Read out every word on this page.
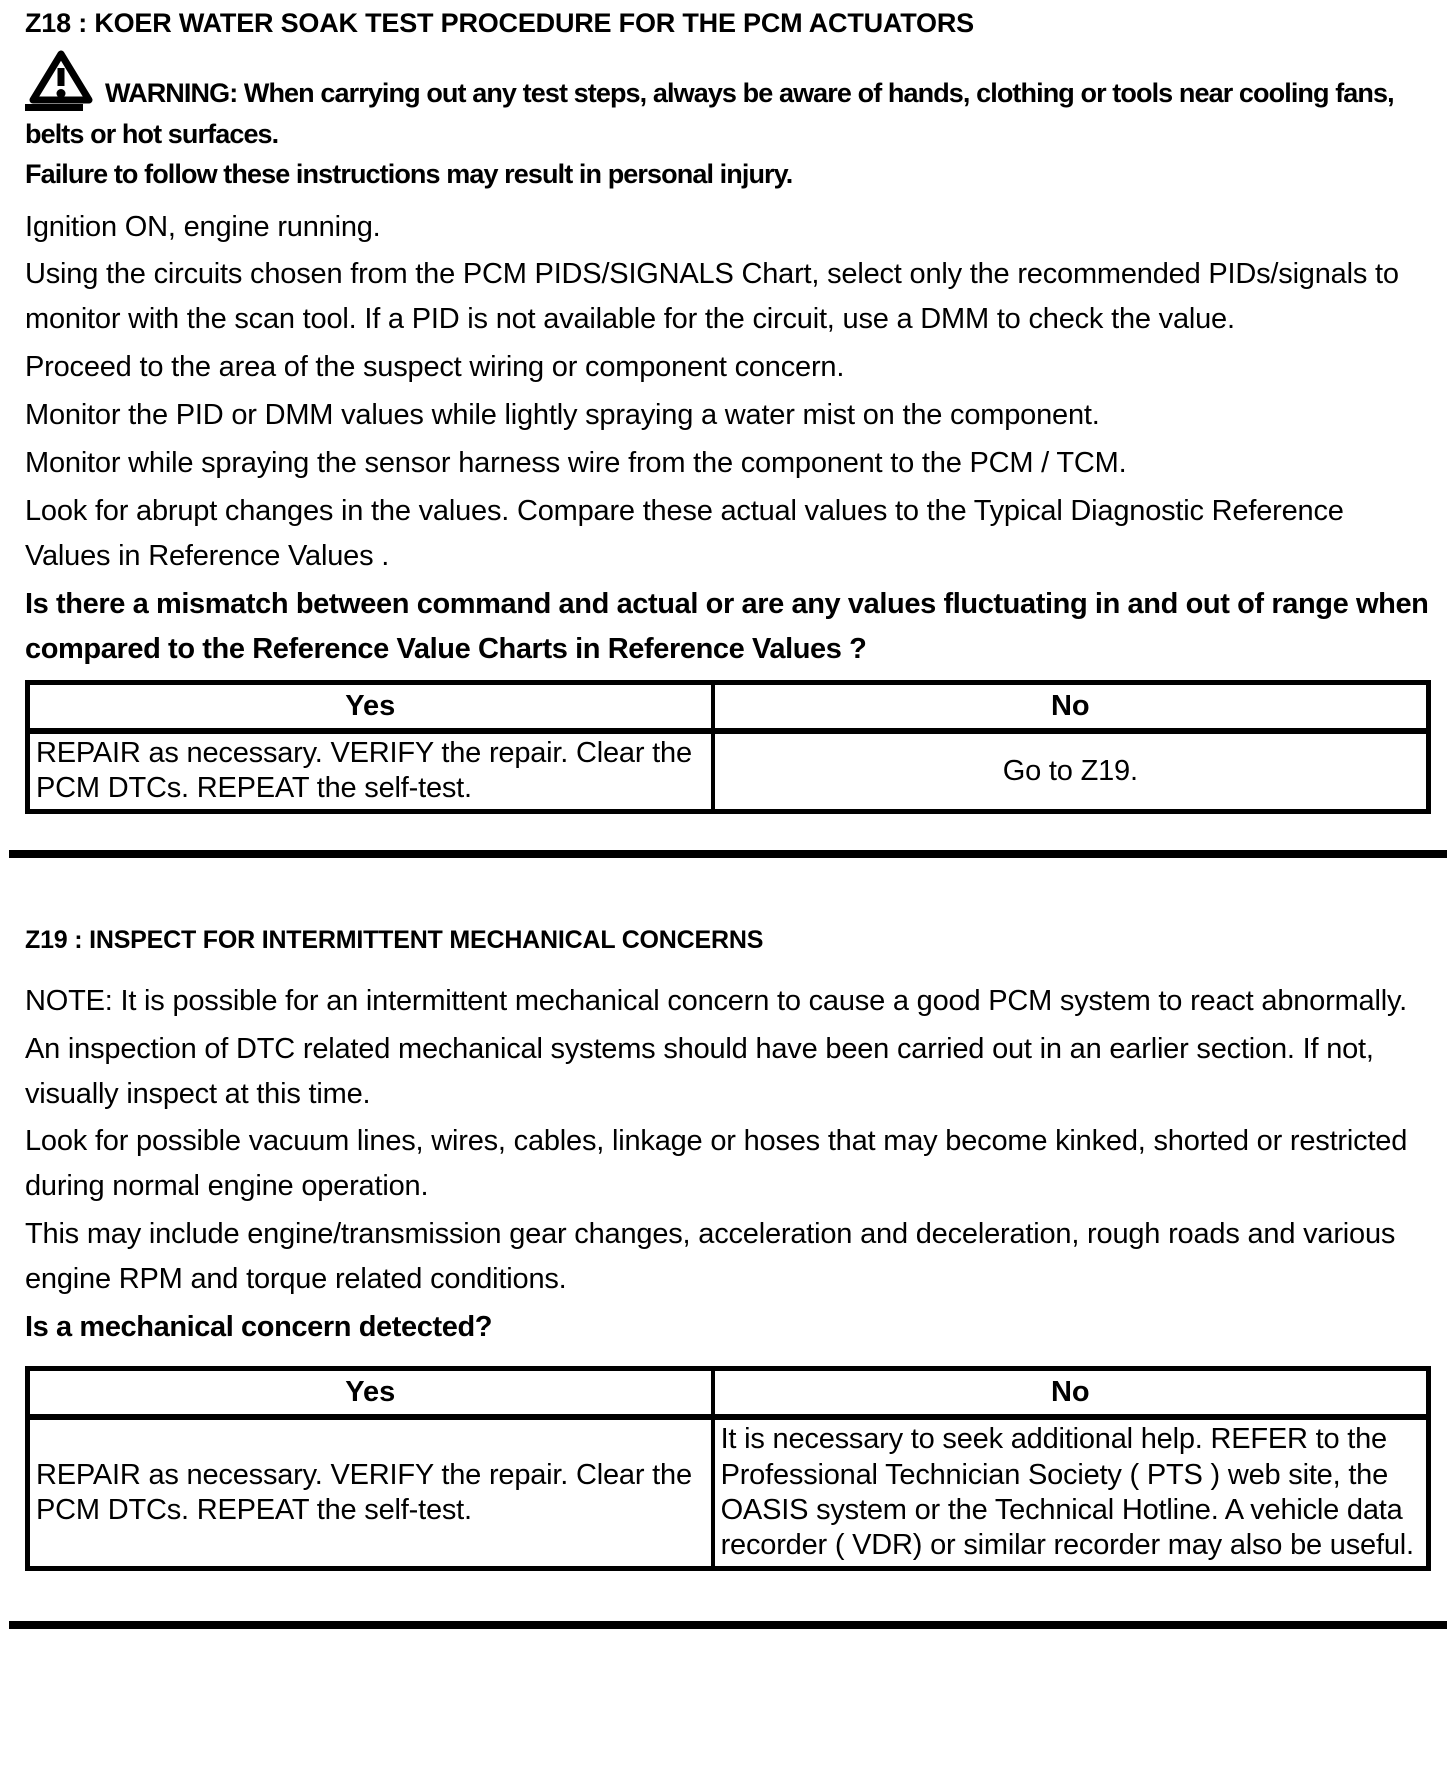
Z18 : KOER WATER SOAK TEST PROCEDURE FOR THE PCM ACTUATORS

WARNING: When carrying out any test steps, always be aware of hands, clothing or tools near cooling fans, belts or hot surfaces.

Failure to follow these instructions may result in personal injury.

Ignition ON, engine running.

Using the circuits chosen from the PCM PIDS/SIGNALS Chart, select only the recommended PIDs/signals to monitor with the scan tool. If a PID is not available for the circuit, use a DMM to check the value.

Proceed to the area of the suspect wiring or component concern.

Monitor the PID or DMM values while lightly spraying a water mist on the component.

Monitor while spraying the sensor harness wire from the component to the PCM / TCM.

Look for abrupt changes in the values. Compare these actual values to the Typical Diagnostic Reference Values in Reference Values .

Is there a mismatch between command and actual or are any values fluctuating in and out of range when compared to the Reference Value Charts in Reference Values ?

Yes	No
REPAIR as necessary. VERIFY the repair. Clear the PCM DTCs. REPEAT the self-test.	Go to Z19.
Z19 : INSPECT FOR INTERMITTENT MECHANICAL CONCERNS

NOTE: It is possible for an intermittent mechanical concern to cause a good PCM system to react abnormally.

An inspection of DTC related mechanical systems should have been carried out in an earlier section. If not, visually inspect at this time.

Look for possible vacuum lines, wires, cables, linkage or hoses that may become kinked, shorted or restricted during normal engine operation.

This may include engine/transmission gear changes, acceleration and deceleration, rough roads and various engine RPM and torque related conditions.

Is a mechanical concern detected?

Yes	No
REPAIR as necessary. VERIFY the repair. Clear the PCM DTCs. REPEAT the self-test.	It is necessary to seek additional help. REFER to the Professional Technician Society ( PTS ) web site, the OASIS system or the Technical Hotline. A vehicle data recorder ( VDR) or similar recorder may also be useful.
